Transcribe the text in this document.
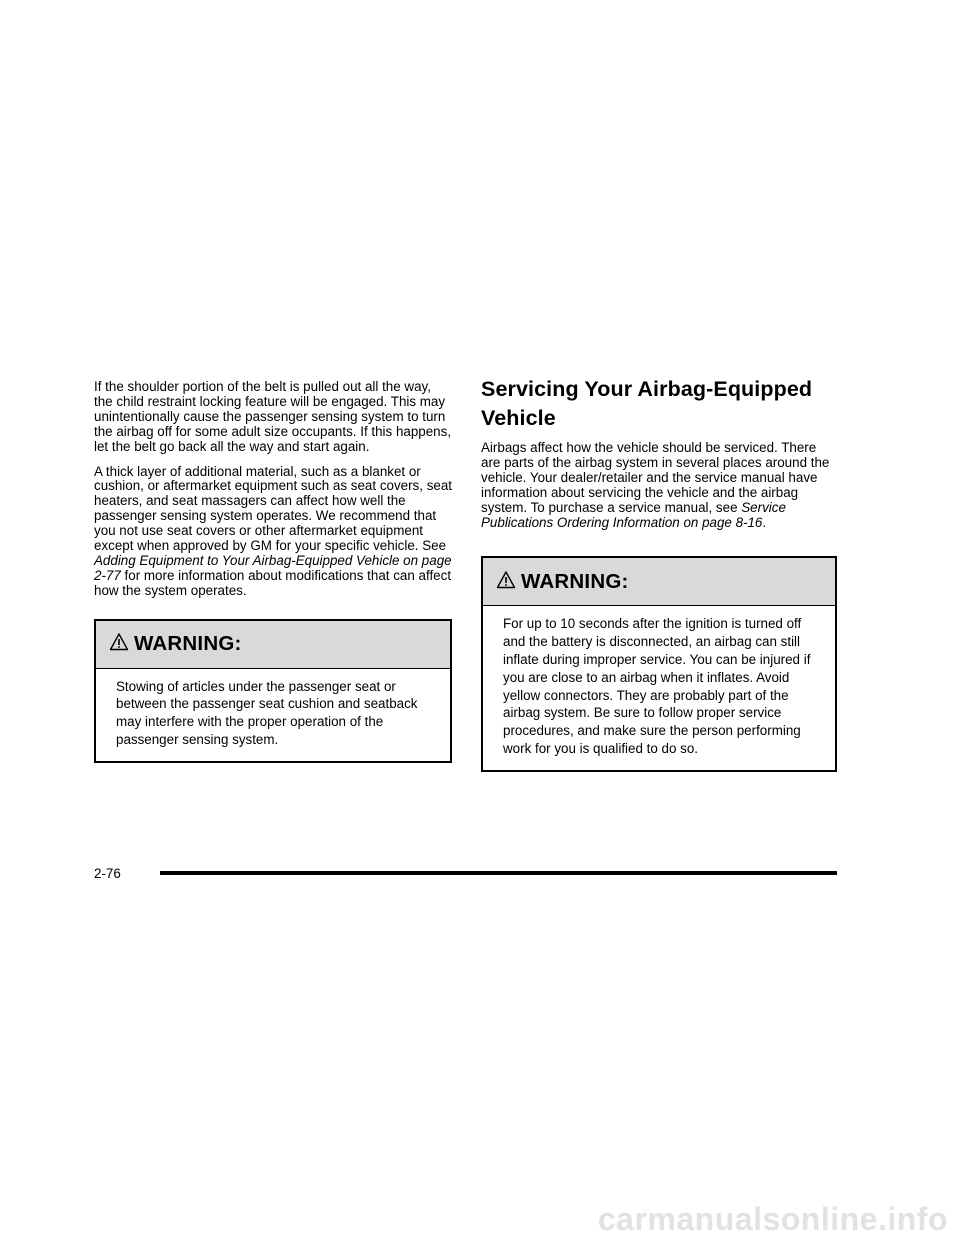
If the shoulder portion of the belt is pulled out all the way, the child restraint locking feature will be engaged. This may unintentionally cause the passenger sensing system to turn the airbag off for some adult size occupants. If this happens, let the belt go back all the way and start again.

A thick layer of additional material, such as a blanket or cushion, or aftermarket equipment such as seat covers, seat heaters, and seat massagers can affect how well the passenger sensing system operates. We recommend that you not use seat covers or other aftermarket equipment except when approved by GM for your specific vehicle. See Adding Equipment to Your Airbag-Equipped Vehicle on page 2-77 for more information about modifications that can affect how the system operates.

WARNING:
Stowing of articles under the passenger seat or between the passenger seat cushion and seatback may interfere with the proper operation of the passenger sensing system.
Servicing Your Airbag-Equipped Vehicle

Airbags affect how the vehicle should be serviced. There are parts of the airbag system in several places around the vehicle. Your dealer/retailer and the service manual have information about servicing the vehicle and the airbag system. To purchase a service manual, see Service Publications Ordering Information on page 8-16.

WARNING:
For up to 10 seconds after the ignition is turned off and the battery is disconnected, an airbag can still inflate during improper service. You can be injured if you are close to an airbag when it inflates. Avoid yellow connectors. They are probably part of the airbag system. Be sure to follow proper service procedures, and make sure the person performing work for you is qualified to do so.
2-76
carmanualsonline.info
